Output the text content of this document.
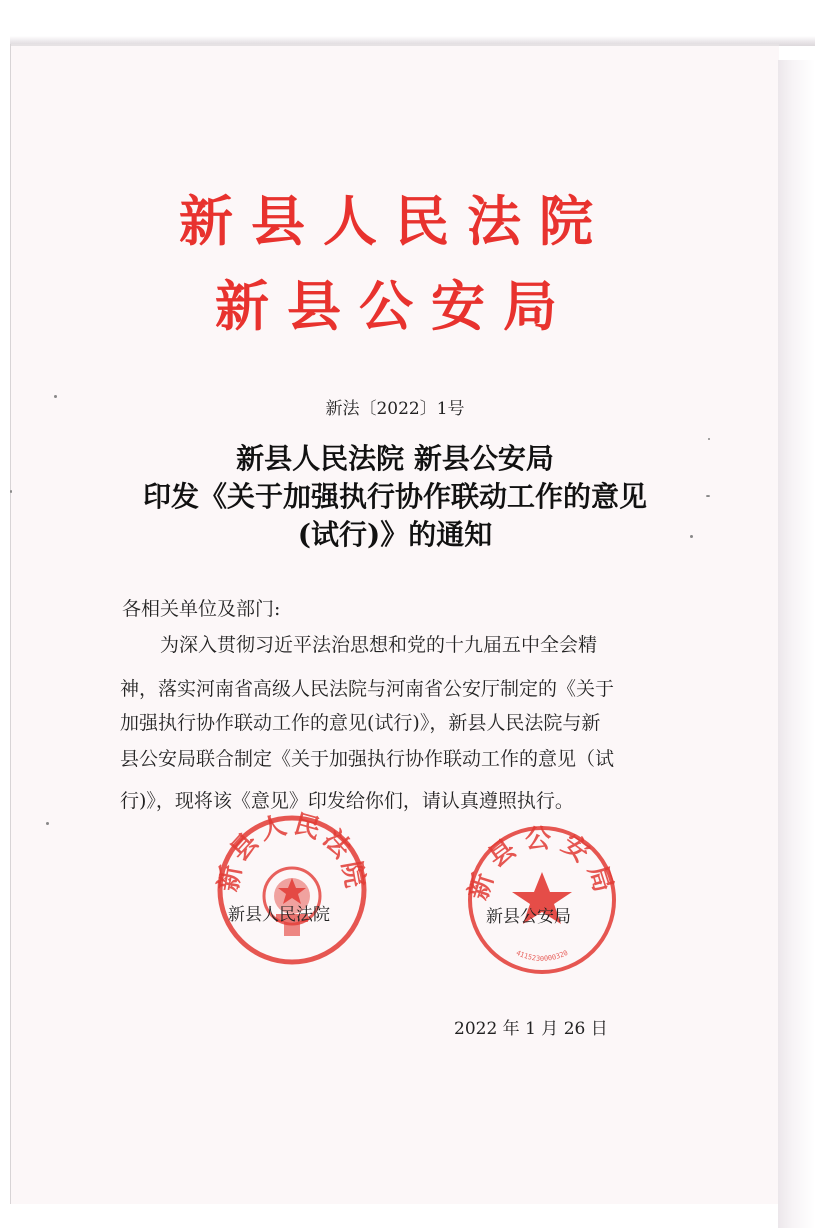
新县人民法院
新县公安局
新法〔2022〕1号
新县人民法院 新县公安局
印发《关于加强执行协作联动工作的意见
(试行)》的通知
各相关单位及部门:
为深入贯彻习近平法治思想和党的十九届五中全会精
神，落实河南省高级人民法院与河南省公安厅制定的《关于
加强执行协作联动工作的意见(试行)》，新县人民法院与新
县公安局联合制定《关于加强执行协作联动工作的意见（试
行)》，现将该《意见》印发给你们，请认真遵照执行。
新县人民法院
新县人民法院
新县公安局
4115230000320
新县公安局
2022 年 1 月 26 日
